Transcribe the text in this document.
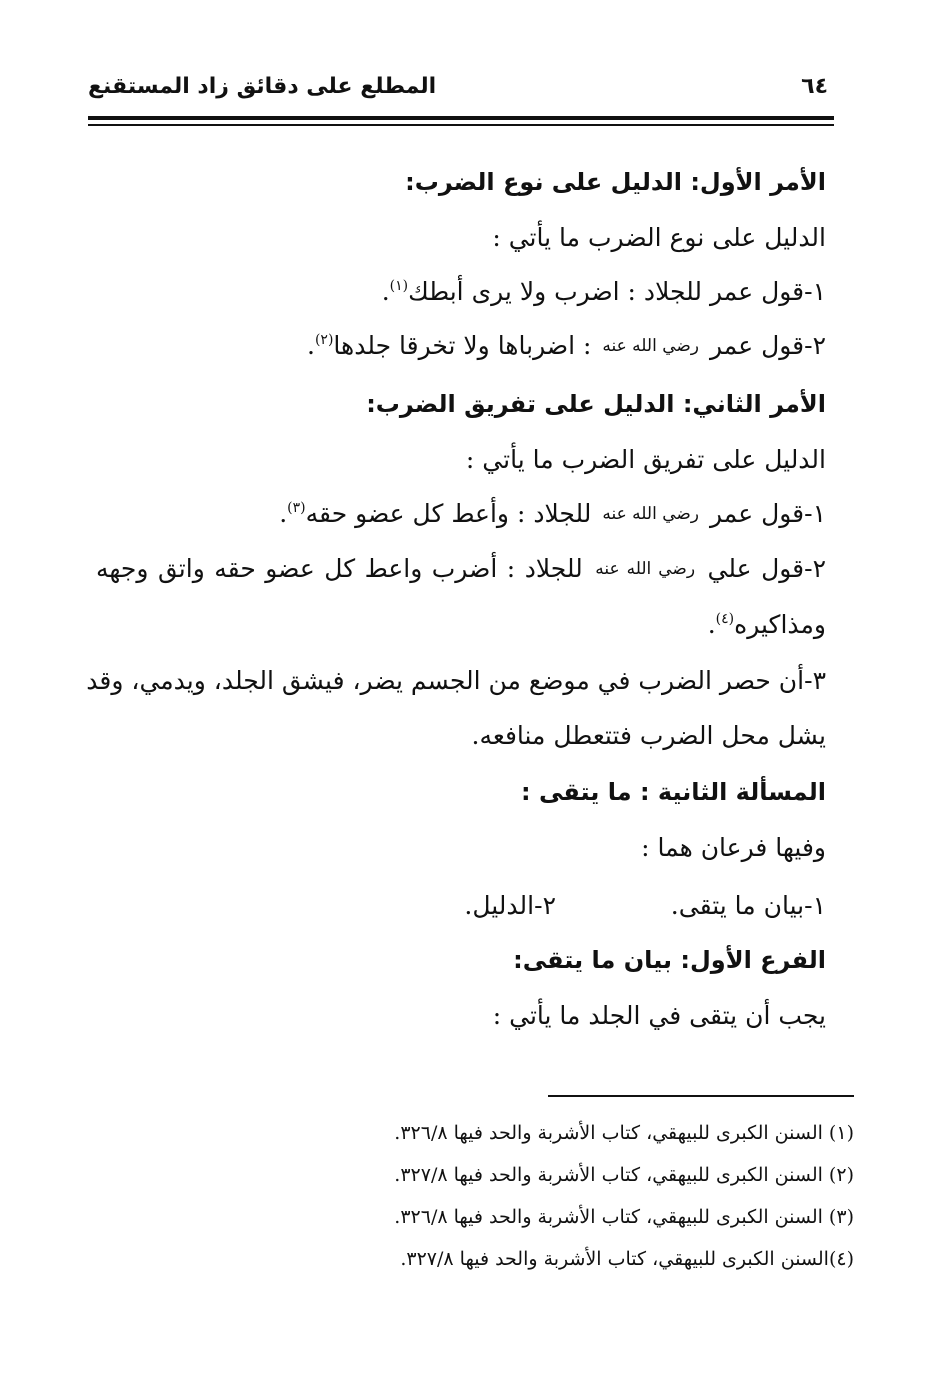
٦٤
المطلع على دقائق زاد المستقنع
الأمر الأول: الدليل على نوع الضرب:
الدليل على نوع الضرب ما يأتي :
١-قول عمر للجلاد : اضرب ولا يرى أبطك$^{(١)}$.
٢-قول عمر رضي الله عنه : اضرباها ولا تخرقا جلدها$^{(٢)}$.
الأمر الثاني: الدليل على تفريق الضرب:
الدليل على تفريق الضرب ما يأتي :
١-قول عمر رضي الله عنه للجلاد : وأعط كل عضو حقه$^{(٣)}$.
٢-قول علي رضي الله عنه للجلاد : أضرب واعط كل عضو حقه واتق وجهه
ومذاكيره$^{(٤)}$.
٣-أن حصر الضرب في موضع من الجسم يضر، فيشق الجلد، ويدمي، وقد
يشل محل الضرب فتتعطل منافعه.
المسألة الثانية : ما يتقى :
وفيها فرعان هما :
١-بيان ما يتقى.
٢-الدليل.
الفرع الأول: بيان ما يتقى:
يجب أن يتقى في الجلد ما يأتي :
(١) السنن الكبرى للبيهقي، كتاب الأشربة والحد فيها ٣٢٦/٨.
(٢) السنن الكبرى للبيهقي، كتاب الأشربة والحد فيها ٣٢٧/٨.
(٣) السنن الكبرى للبيهقي، كتاب الأشربة والحد فيها ٣٢٦/٨.
(٤)السنن الكبرى للبيهقي، كتاب الأشربة والحد فيها ٣٢٧/٨.
